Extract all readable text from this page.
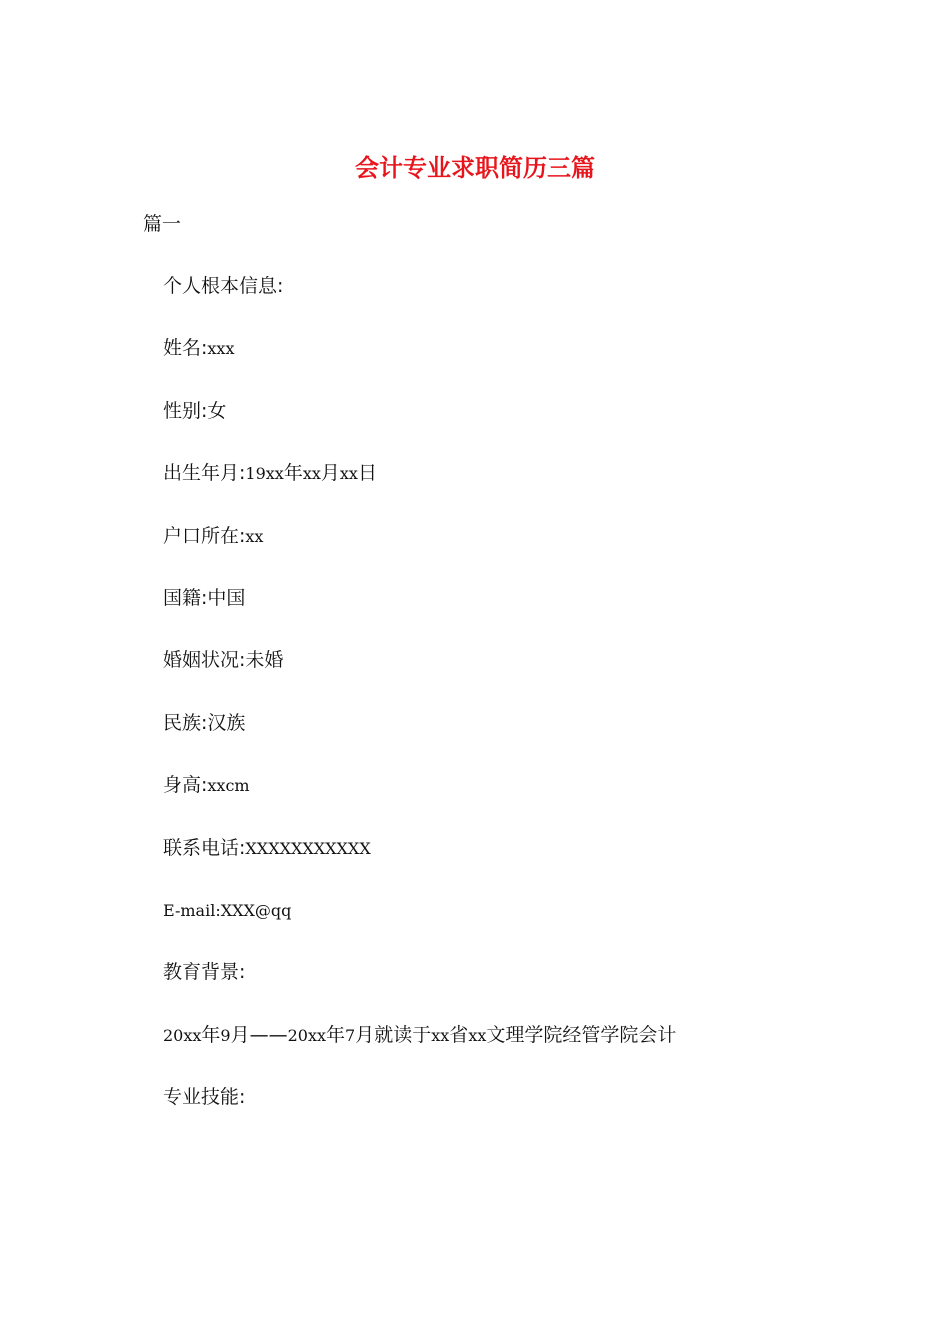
会计专业求职简历三篇

篇一

个人根本信息:
姓名:xxx
性别:女
出生年月:19xx年xx月xx日
户口所在:xx
国籍:中国
婚姻状况:未婚
民族:汉族
身高:xxcm
联系电话:XXXXXXXXXXX
E-mail:XXX@qq
教育背景:
20xx年9月——20xx年7月就读于xx省xx文理学院经管学院会计
专业技能:
